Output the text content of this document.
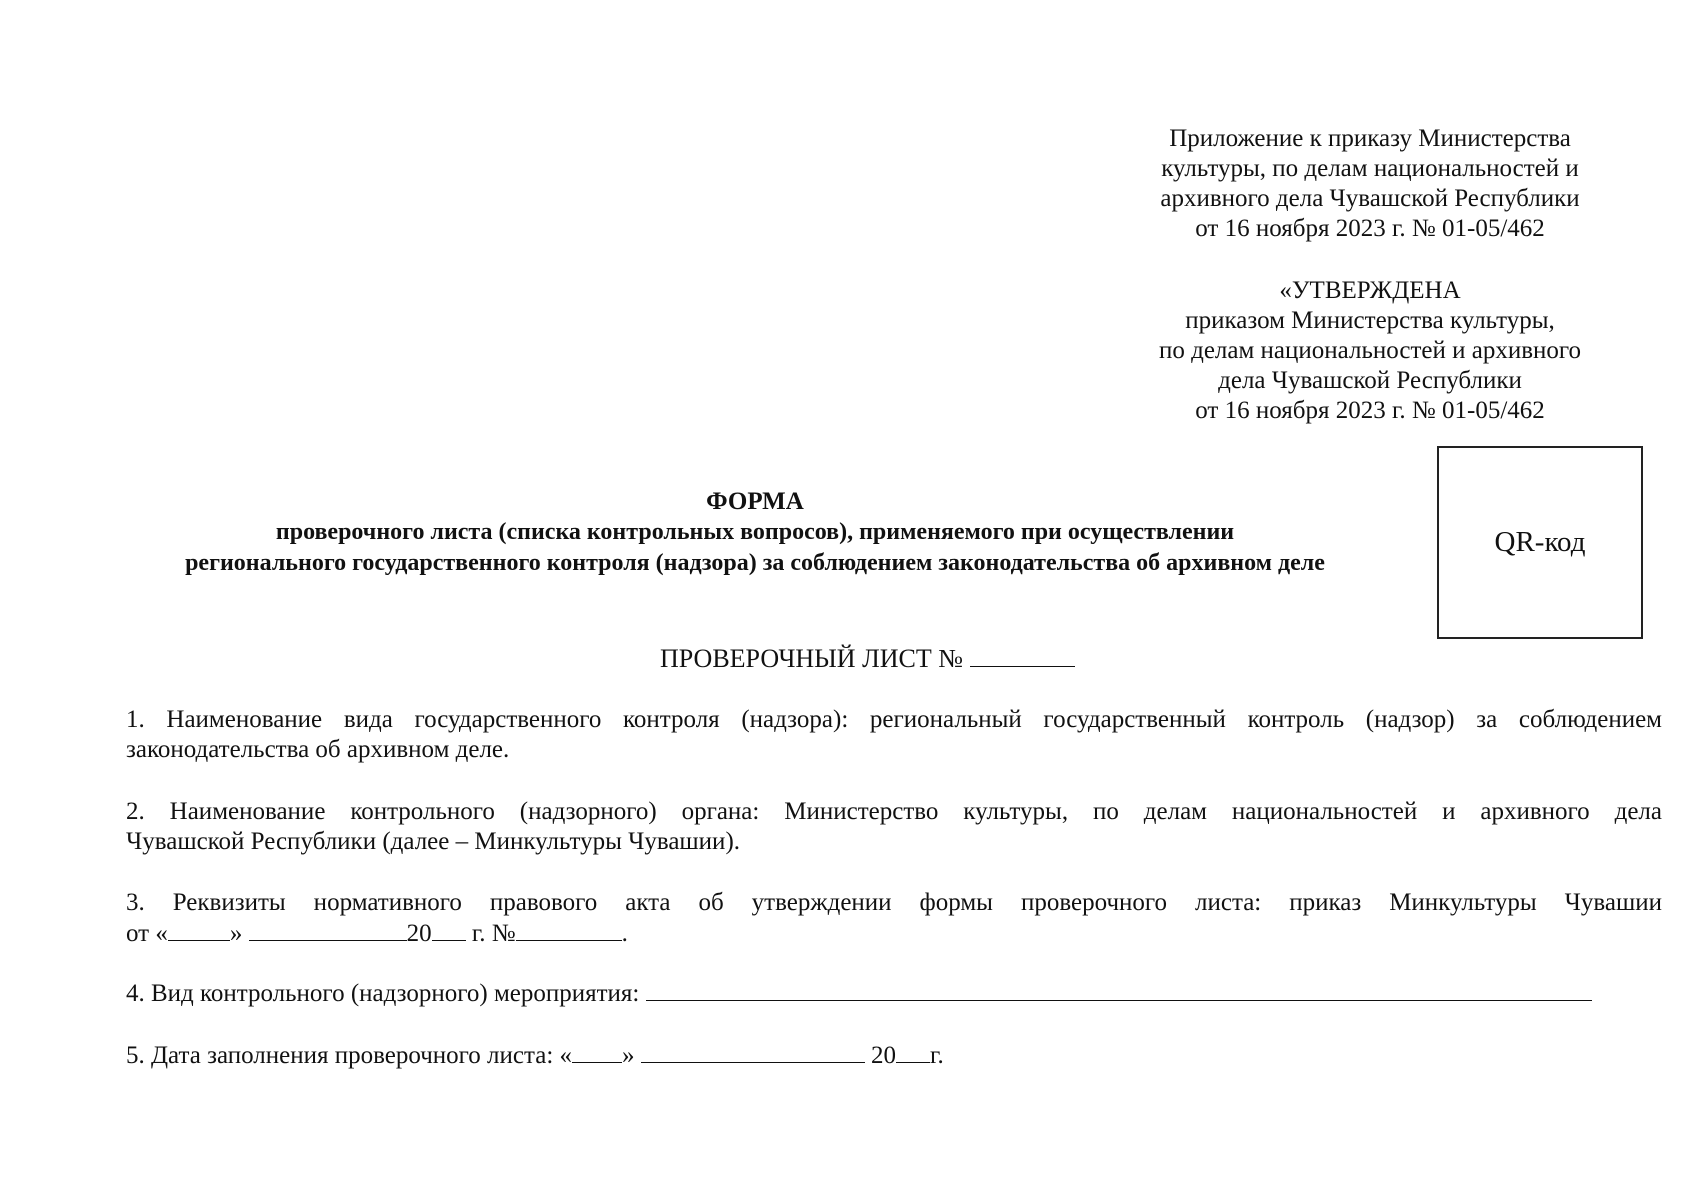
Приложение к приказу Министерства
культуры, по делам национальностей и
архивного дела Чувашской Республики
от 16 ноября 2023 г. № 01-05/462
«УТВЕРЖДЕНА
приказом Министерства культуры,
по делам национальностей и архивного
дела Чувашской Республики
от 16 ноября 2023 г. № 01-05/462
QR-код
ФОРМА
проверочного листа (списка контрольных вопросов), применяемого при осуществлении
регионального государственного контроля (надзора) за соблюдением законодательства об архивном деле
ПРОВЕРОЧНЫЙ ЛИСТ №
1. Наименование вида государственного контроля (надзора): региональный государственный контроль (надзор) за соблюдением
законодательства об архивном деле.
2. Наименование контрольного (надзорного) органа: Министерство культуры, по делам национальностей и архивного дела
Чувашской Республики (далее – Минкультуры Чувашии).
3. Реквизиты нормативного правового акта об утверждении формы проверочного листа: приказ Минкультуры Чувашии
от « »	20 г. №	.
4. Вид контрольного (надзорного) мероприятия:
5. Дата заполнения проверочного листа: « »	20 г.
